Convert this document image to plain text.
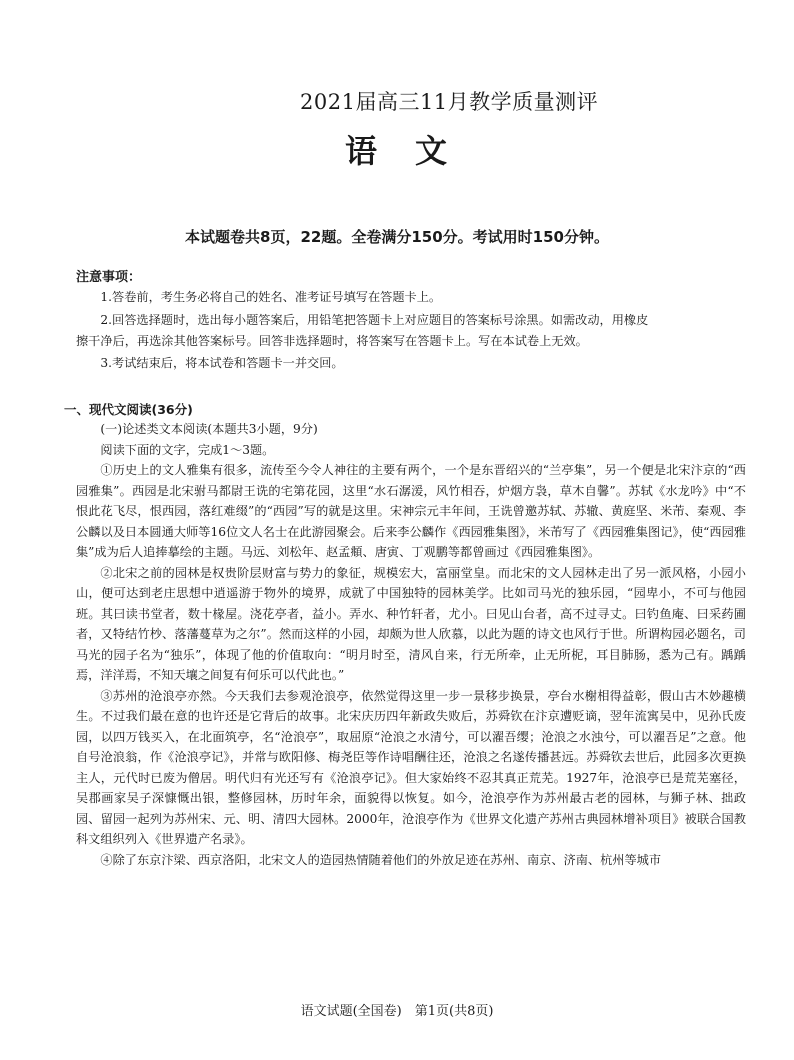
2021届高三11月教学质量测评
语 文
本试题卷共8页，22题。全卷满分150分。考试用时150分钟。
注意事项：
1.答卷前，考生务必将自己的姓名、准考证号填写在答题卡上。
2.回答选择题时，选出每小题答案后，用铅笔把答题卡上对应题目的答案标号涂黑。如需改动，用橡皮
擦干净后，再选涂其他答案标号。回答非选择题时，将答案写在答题卡上。写在本试卷上无效。
3.考试结束后，将本试卷和答题卡一并交回。
一、现代文阅读(36分)

(一)论述类文本阅读(本题共3小题，9分)

阅读下面的文字，完成1～3题。

①历史上的文人雅集有很多，流传至今令人神往的主要有两个，一个是东晋绍兴的“兰亭集”，另一个便是北宋汴京的“西园雅集”。西园是北宋驸马都尉王诜的宅第花园，这里“水石潺湲，风竹相吞，炉烟方袅，草木自馨”。苏轼《水龙吟》中“不恨此花飞尽，恨西园，落红难缀”的“西园”写的就是这里。宋神宗元丰年间，王诜曾邀苏轼、苏辙、黄庭坚、米芾、秦观、李公麟以及日本圆通大师等16位文人名士在此游园聚会。后来李公麟作《西园雅集图》，米芾写了《西园雅集图记》，使“西园雅集”成为后人追捧摹绘的主题。马远、刘松年、赵孟頫、唐寅、丁观鹏等都曾画过《西园雅集图》。

②北宋之前的园林是权贵阶层财富与势力的象征，规模宏大，富丽堂皇。而北宋的文人园林走出了另一派风格，小园小山，便可达到老庄思想中逍遥游于物外的境界，成就了中国独特的园林美学。比如司马光的独乐园，“园卑小，不可与他园班。其曰读书堂者，数十椽屋。浇花亭者，益小。弄水、种竹轩者，尤小。曰见山台者，高不过寻丈。曰钓鱼庵、曰采药圃者，又特结竹杪、落藩蔓草为之尔”。然而这样的小园，却颇为世人欣慕，以此为题的诗文也风行于世。所谓构园必题名，司马光的园子名为“独乐”，体现了他的价值取向：“明月时至，清风自来，行无所牵，止无所柅，耳目肺肠，悉为己有。踽踽焉，洋洋焉，不知天壤之间复有何乐可以代此也。”

③苏州的沧浪亭亦然。今天我们去参观沧浪亭，依然觉得这里一步一景移步换景，亭台水榭相得益彰，假山古木妙趣横生。不过我们最在意的也许还是它背后的故事。北宋庆历四年新政失败后，苏舜钦在汴京遭贬谪，翌年流寓吴中，见孙氏废园，以四万钱买入，在北面筑亭，名“沧浪亭”，取屈原“沧浪之水清兮，可以濯吾缨；沧浪之水浊兮，可以濯吾足”之意。他自号沧浪翁，作《沧浪亭记》，并常与欧阳修、梅尧臣等作诗唱酬往还，沧浪之名遂传播甚远。苏舜钦去世后，此园多次更换主人，元代时已废为僧居。明代归有光还写有《沧浪亭记》。但大家始终不忍其真正荒芜。1927年，沧浪亭已是荒芜塞径，吴郡画家吴子深慷慨出银，整修园林，历时年余，面貌得以恢复。如今，沧浪亭作为苏州最古老的园林，与狮子林、拙政园、留园一起列为苏州宋、元、明、清四大园林。2000年，沧浪亭作为《世界文化遗产苏州古典园林增补项目》被联合国教科文组织列入《世界遗产名录》。

④除了东京汴梁、西京洛阳，北宋文人的造园热情随着他们的外放足迹在苏州、南京、济南、杭州等城市

语文试题(全国卷)　第1页(共8页)
